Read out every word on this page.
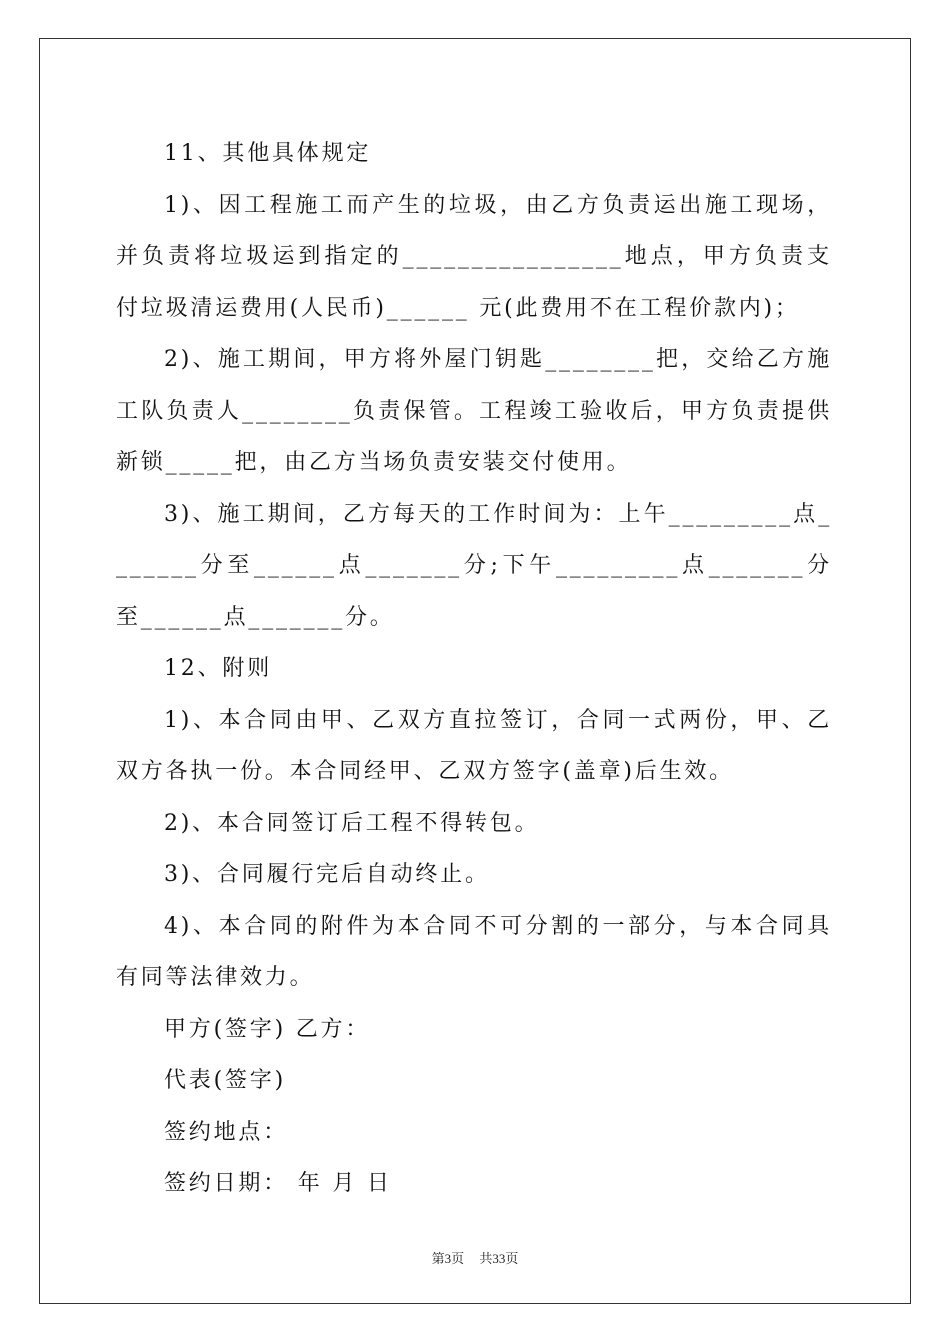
11、其他具体规定

1)、因工程施工而产生的垃圾，由乙方负责运出施工现场，并负责将垃圾运到指定的________________地点，甲方负责支付垃圾清运费用(人民币)______ 元(此费用不在工程价款内)；

2)、施工期间，甲方将外屋门钥匙________把，交给乙方施工队负责人________负责保管。工程竣工验收后，甲方负责提供新锁_____把，由乙方当场负责安装交付使用。

3)、施工期间，乙方每天的工作时间为：上午_________点_______分至______点_______分;下午_________点_______分至______点_______分。

12、附则

1)、本合同由甲、乙双方直拉签订，合同一式两份，甲、乙双方各执一份。本合同经甲、乙双方签字(盖章)后生效。

2)、本合同签订后工程不得转包。

3)、合同履行完后自动终止。

4)、本合同的附件为本合同不可分割的一部分，与本合同具有同等法律效力。

甲方(签字) 乙方：

代表(签字)

签约地点：

签约日期： 年 月 日

第3页 共33页
